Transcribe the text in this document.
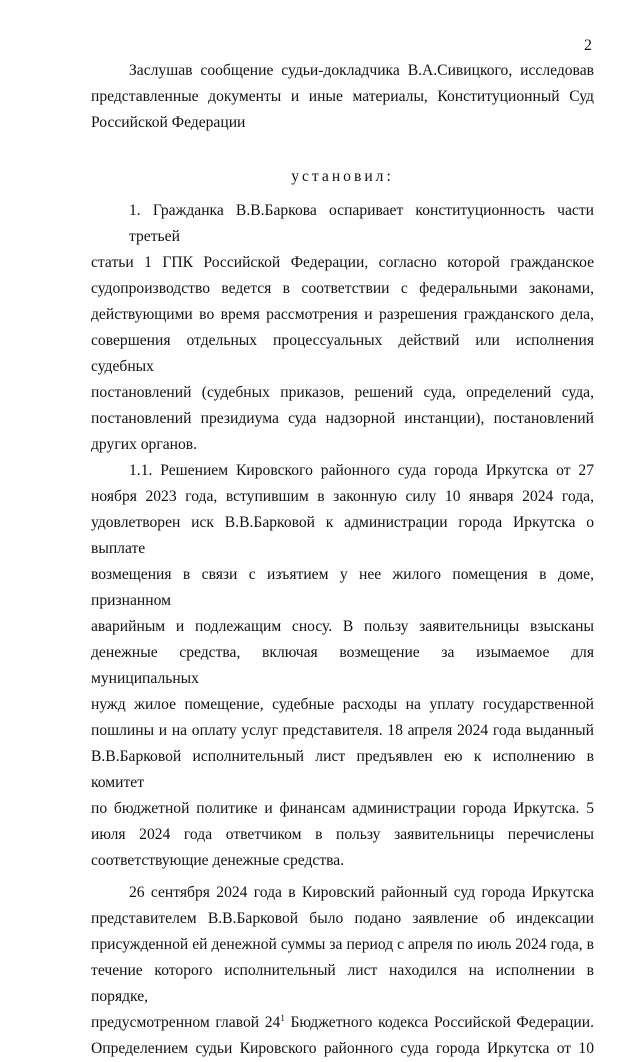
2
Заслушав сообщение судьи-докладчика В.А.Сивицкого, исследовав
представленные документы и иные материалы, Конституционный Суд
Российской Федерации

установил:

1. Гражданка В.В.Баркова оспаривает конституционность части третьей
статьи 1 ГПК Российской Федерации, согласно которой гражданское
судопроизводство ведется в соответствии с федеральными законами,
действующими во время рассмотрения и разрешения гражданского дела,
совершения отдельных процессуальных действий или исполнения судебных
постановлений (судебных приказов, решений суда, определений суда,
постановлений президиума суда надзорной инстанции), постановлений
других органов.
1.1. Решением Кировского районного суда города Иркутска от 27
ноября 2023 года, вступившим в законную силу 10 января 2024 года,
удовлетворен иск В.В.Барковой к администрации города Иркутска о выплате
возмещения в связи с изъятием у нее жилого помещения в доме, признанном
аварийным и подлежащим сносу. В пользу заявительницы взысканы
денежные средства, включая возмещение за изымаемое для муниципальных
нужд жилое помещение, судебные расходы на уплату государственной
пошлины и на оплату услуг представителя. 18 апреля 2024 года выданный
В.В.Барковой исполнительный лист предъявлен ею к исполнению в комитет
по бюджетной политике и финансам администрации города Иркутска. 5
июля 2024 года ответчиком в пользу заявительницы перечислены
соответствующие денежные средства.
26 сентября 2024 года в Кировский районный суд города Иркутска
представителем В.В.Барковой было подано заявление об индексации
присужденной ей денежной суммы за период с апреля по июль 2024 года, в
течение которого исполнительный лист находился на исполнении в порядке,
предусмотренном главой $24^1$ Бюджетного кодекса Российской Федерации.
Определением судьи Кировского районного суда города Иркутска от 10
